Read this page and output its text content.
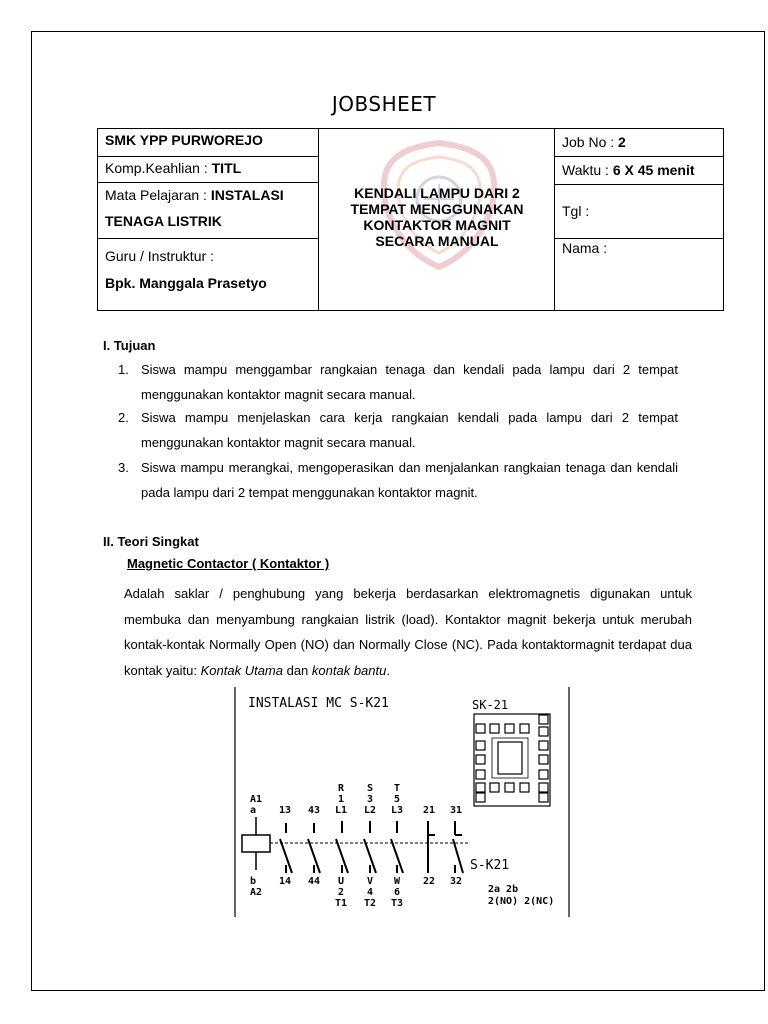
JOBSHEET
SMK YPP PURWOREJO
Komp.Keahlian : TITL
Mata Pelajaran : INSTALASI
TENAGA LISTRIK
Guru / Instruktur :
Bpk. Manggala Prasetyo
KENDALI LAMPU DARI 2
TEMPAT MENGGUNAKAN
KONTAKTOR MAGNIT
SECARA MANUAL
Job No : 2
Waktu : 6 X 45 menit
Tgl :
Nama :
I. Tujuan
1. Siswa mampu menggambar rangkaian tenaga dan kendali pada lampu dari 2 tempat menggunakan kontaktor magnit secara manual.
2. Siswa mampu menjelaskan cara kerja rangkaian kendali pada lampu dari 2 tempat menggunakan kontaktor magnit secara manual.
3. Siswa mampu merangkai, mengoperasikan dan menjalankan rangkaian tenaga dan kendali pada lampu dari 2 tempat menggunakan kontaktor magnit.
II. Teori Singkat
Magnetic Contactor ( Kontaktor )
Adalah saklar / penghubung yang bekerja berdasarkan elektromagnetis digunakan untuk membuka dan menyambung rangkaian listrik (load). Kontaktor magnit bekerja untuk merubah kontak-kontak Normally Open (NO) dan Normally Close (NC). Pada kontaktormagnit terdapat dua kontak yaitu: Kontak Utama dan kontak bantu.
INSTALASI MC S-K21	SK-21
A1
a 13 43
R
1
L1
S
3
L2
T
5
L3 21 31
S-K21
b
A2
14 44 U
2
T1
V
4
T2
W
6
T3
22 32
2a 2b
2(NO) 2(NC)
